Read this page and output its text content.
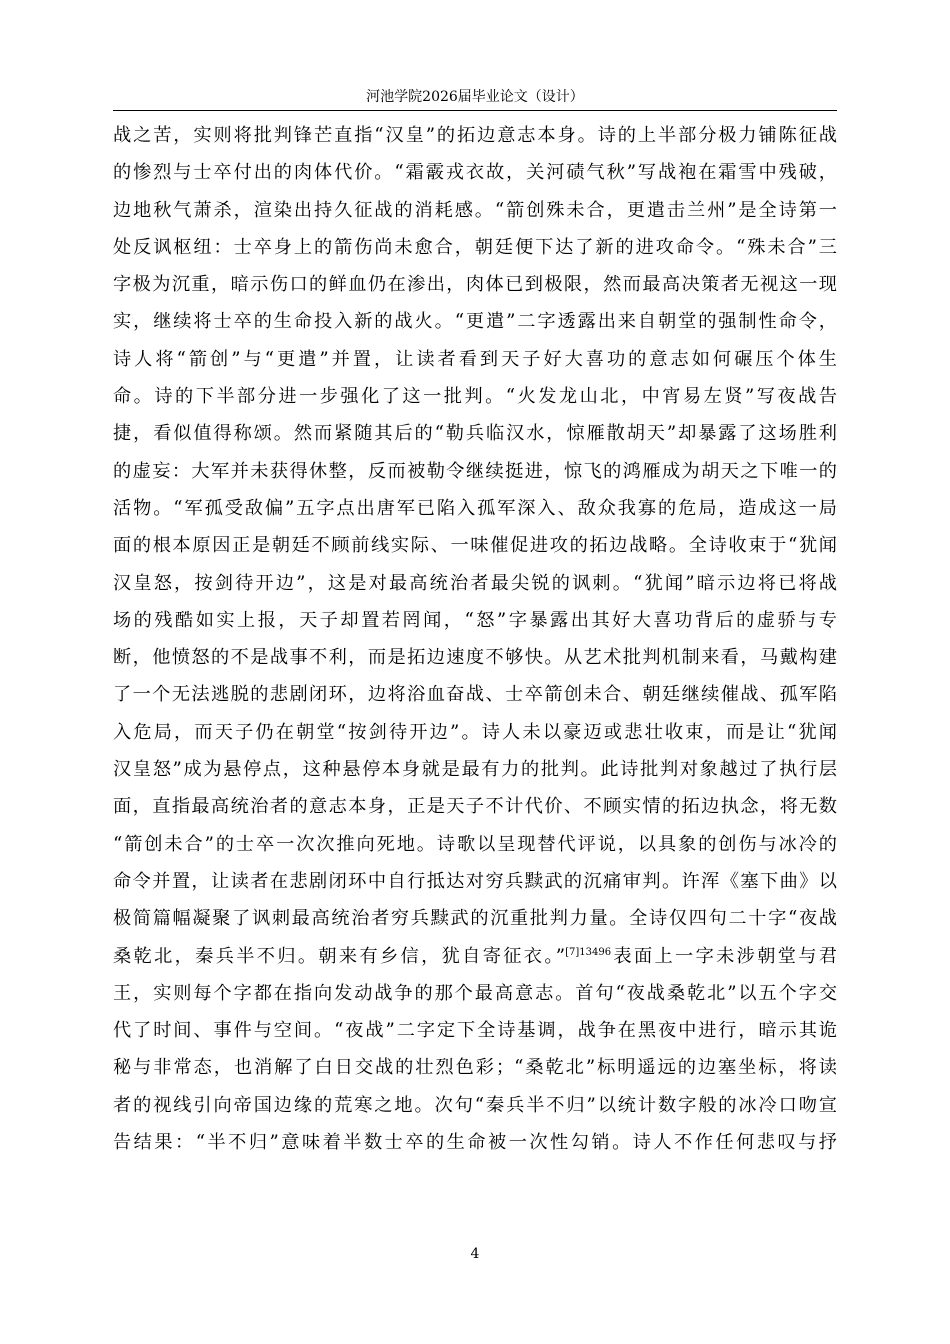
河池学院2026届毕业论文（设计）
战之苦，实则将批判锋芒直指“汉皇”的拓边意志本身。诗的上半部分极力铺陈征战
的惨烈与士卒付出的肉体代价。“霜霰戎衣故，关河碛气秋”写战袍在霜雪中残破，
边地秋气萧杀，渲染出持久征战的消耗感。“箭创殊未合，更遣击兰州”是全诗第一
处反讽枢纽：士卒身上的箭伤尚未愈合，朝廷便下达了新的进攻命令。“殊未合”三
字极为沉重，暗示伤口的鲜血仍在渗出，肉体已到极限，然而最高决策者无视这一现
实，继续将士卒的生命投入新的战火。“更遣”二字透露出来自朝堂的强制性命令，
诗人将“箭创”与“更遣”并置，让读者看到天子好大喜功的意志如何碾压个体生
命。诗的下半部分进一步强化了这一批判。“火发龙山北，中宵易左贤”写夜战告
捷，看似值得称颂。然而紧随其后的“勒兵临汉水，惊雁散胡天”却暴露了这场胜利
的虚妄：大军并未获得休整，反而被勒令继续挺进，惊飞的鸿雁成为胡天之下唯一的
活物。“军孤受敌偏”五字点出唐军已陷入孤军深入、敌众我寡的危局，造成这一局
面的根本原因正是朝廷不顾前线实际、一味催促进攻的拓边战略。全诗收束于“犹闻
汉皇怒，按剑待开边”，这是对最高统治者最尖锐的讽刺。“犹闻”暗示边将已将战
场的残酷如实上报，天子却置若罔闻，“怒”字暴露出其好大喜功背后的虚骄与专
断，他愤怒的不是战事不利，而是拓边速度不够快。从艺术批判机制来看，马戴构建
了一个无法逃脱的悲剧闭环，边将浴血奋战、士卒箭创未合、朝廷继续催战、孤军陷
入危局，而天子仍在朝堂“按剑待开边”。诗人未以豪迈或悲壮收束，而是让“犹闻
汉皇怒”成为悬停点，这种悬停本身就是最有力的批判。此诗批判对象越过了执行层
面，直指最高统治者的意志本身，正是天子不计代价、不顾实情的拓边执念，将无数
“箭创未合”的士卒一次次推向死地。诗歌以呈现替代评说，以具象的创伤与冰冷的
命令并置，让读者在悲剧闭环中自行抵达对穷兵黩武的沉痛审判。许浑《塞下曲》以
极简篇幅凝聚了讽刺最高统治者穷兵黩武的沉重批判力量。全诗仅四句二十字“夜战
桑乾北，秦兵半不归。朝来有乡信，犹自寄征衣。”$^{[7]13496}$表面上一字未涉朝堂与君
王，实则每个字都在指向发动战争的那个最高意志。首句“夜战桑乾北”以五个字交
代了时间、事件与空间。“夜战”二字定下全诗基调，战争在黑夜中进行，暗示其诡
秘与非常态，也消解了白日交战的壮烈色彩；“桑乾北”标明遥远的边塞坐标，将读
者的视线引向帝国边缘的荒寒之地。次句“秦兵半不归”以统计数字般的冰冷口吻宣
告结果：“半不归”意味着半数士卒的生命被一次性勾销。诗人不作任何悲叹与抒
4
